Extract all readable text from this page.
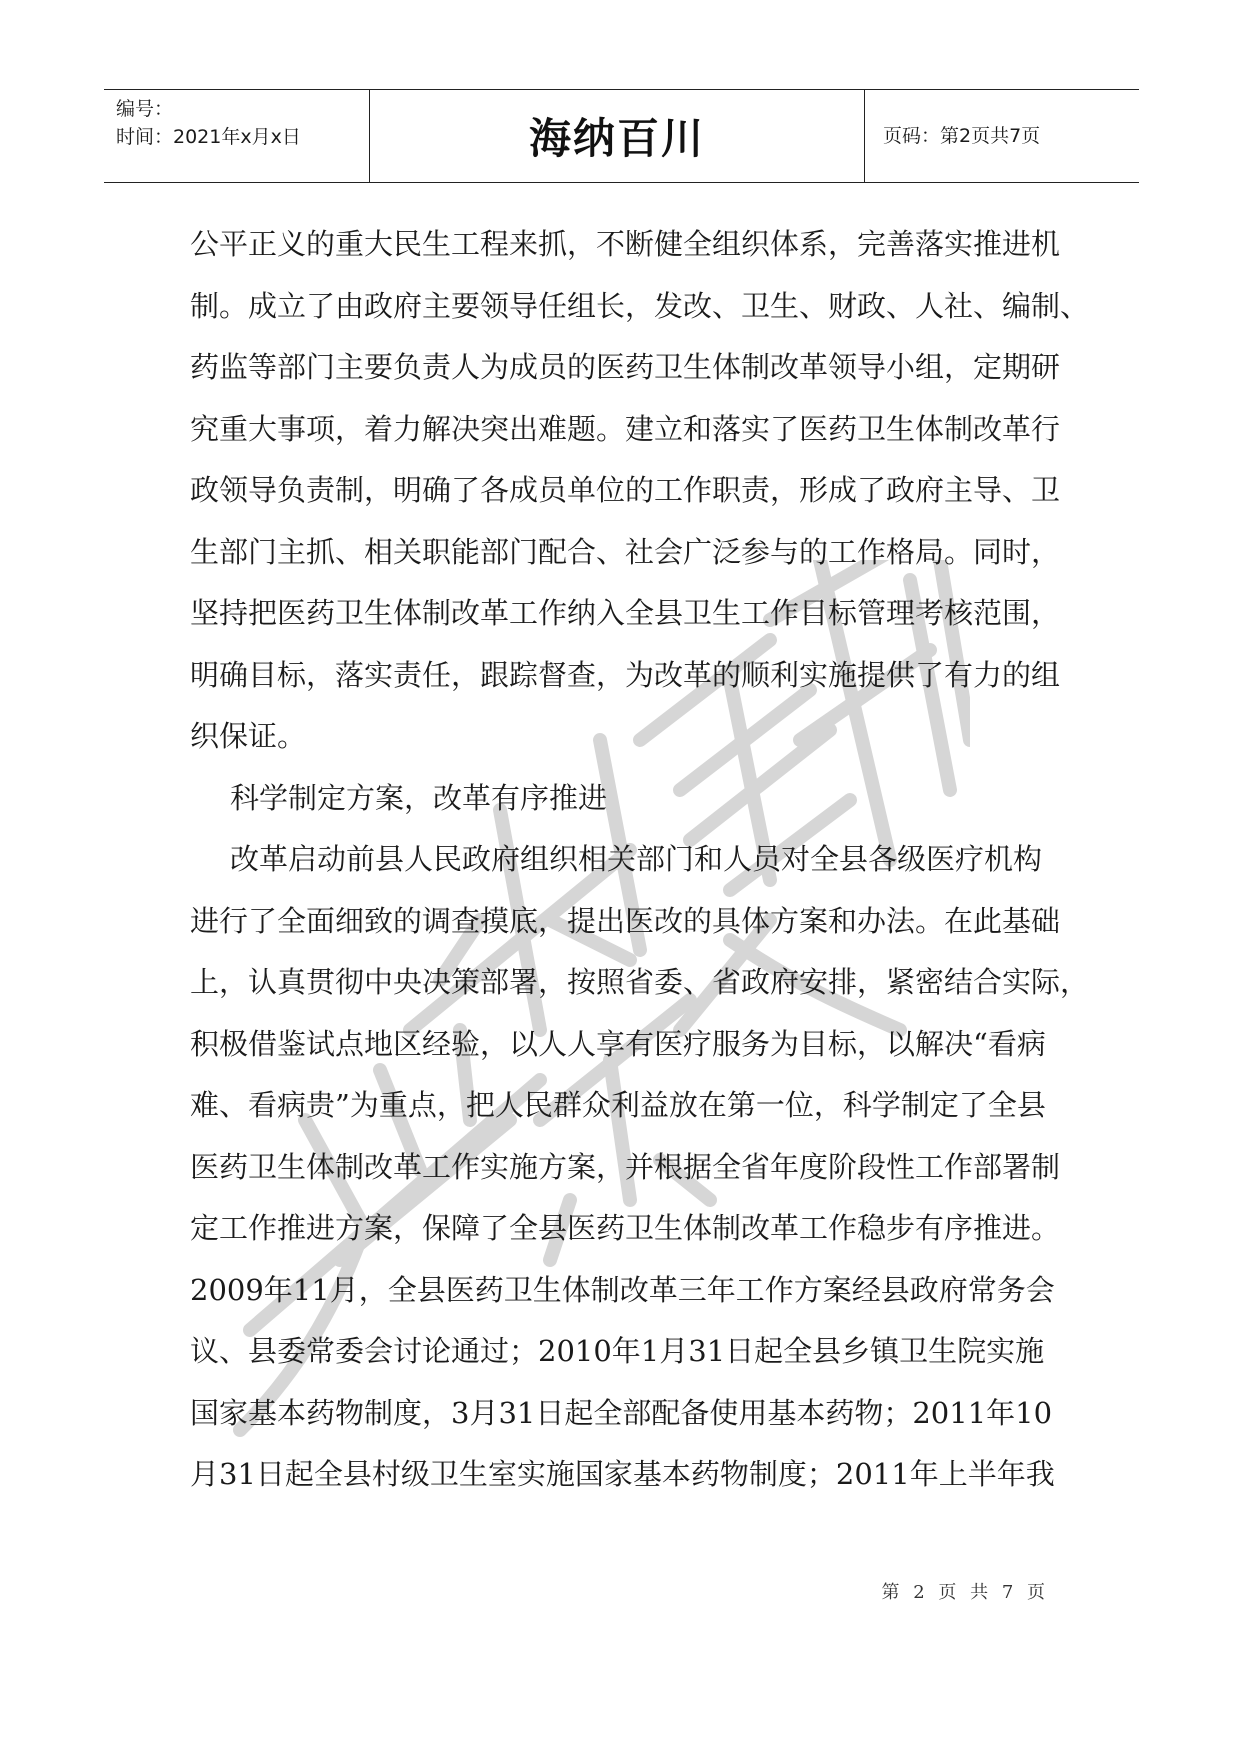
编号：
时间：2021年x月x日	海纳百川	页码：第2页共7页
公平正义的重大民生工程来抓，不断健全组织体系，完善落实推进机
制。成立了由政府主要领导任组长，发改、卫生、财政、人社、编制、
药监等部门主要负责人为成员的医药卫生体制改革领导小组，定期研
究重大事项，着力解决突出难题。建立和落实了医药卫生体制改革行
政领导负责制，明确了各成员单位的工作职责，形成了政府主导、卫
生部门主抓、相关职能部门配合、社会广泛参与的工作格局。同时，
坚持把医药卫生体制改革工作纳入全县卫生工作目标管理考核范围，
明确目标，落实责任，跟踪督查，为改革的顺利实施提供了有力的组
织保证。
科学制定方案，改革有序推进
改革启动前县人民政府组织相关部门和人员对全县各级医疗机构
进行了全面细致的调查摸底，提出医改的具体方案和办法。在此基础
上，认真贯彻中央决策部署，按照省委、省政府安排，紧密结合实际，
积极借鉴试点地区经验，以人人享有医疗服务为目标，以解决“看病
难、看病贵”为重点，把人民群众利益放在第一位，科学制定了全县
医药卫生体制改革工作实施方案，并根据全省年度阶段性工作部署制
定工作推进方案，保障了全县医药卫生体制改革工作稳步有序推进。
2009年11月，全县医药卫生体制改革三年工作方案经县政府常务会
议、县委常委会讨论通过；2010年1月31日起全县乡镇卫生院实施
国家基本药物制度，3月31日起全部配备使用基本药物；2011年10
月31日起全县村级卫生室实施国家基本药物制度；2011年上半年我
第 2 页 共 7 页
